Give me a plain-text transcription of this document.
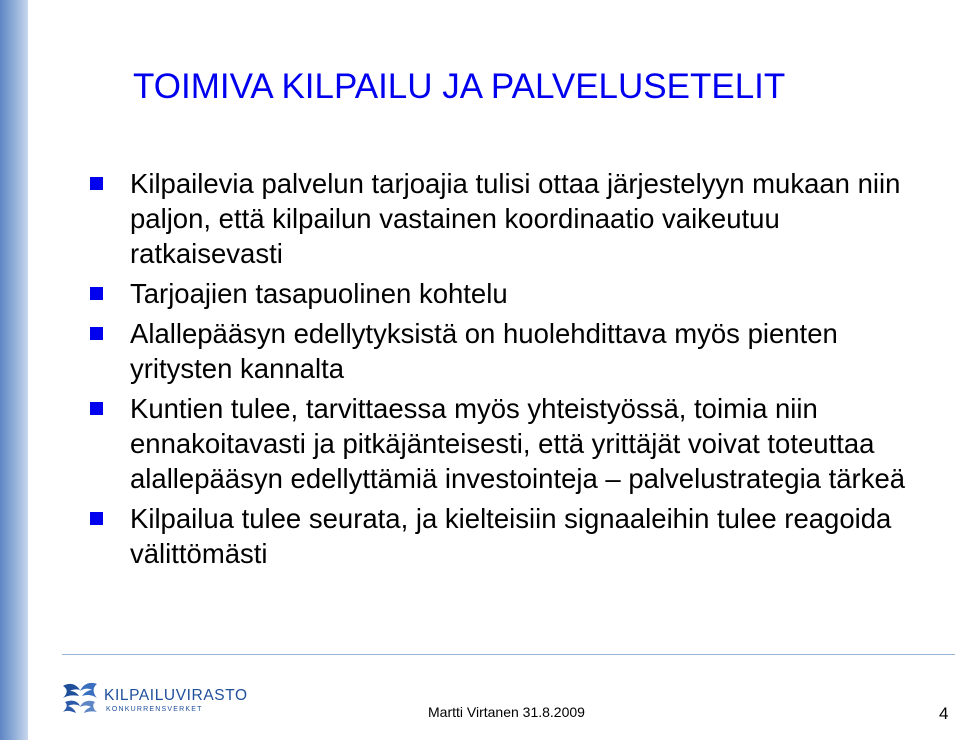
TOIMIVA KILPAILU JA PALVELUSETELIT
Kilpailevia palvelun tarjoajia tulisi ottaa järjestelyyn mukaan niin paljon, että kilpailun vastainen koordinaatio vaikeutuu ratkaisevasti
Tarjoajien tasapuolinen kohtelu
Alallepääsyn edellytyksistä on huolehdittava myös pienten yritysten kannalta
Kuntien tulee, tarvittaessa myös yhteistyössä, toimia niin ennakoitavasti ja pitkäjänteisesti, että yrittäjät voivat toteuttaa alallepääsyn edellyttämiä investointeja – palvelustrategia tärkeä
Kilpailua tulee seurata, ja kielteisiin signaaleihin tulee reagoida välittömästi
KILPAILUVIRASTO
KONKURRENSVERKET	Martti Virtanen 31.8.2009	4
